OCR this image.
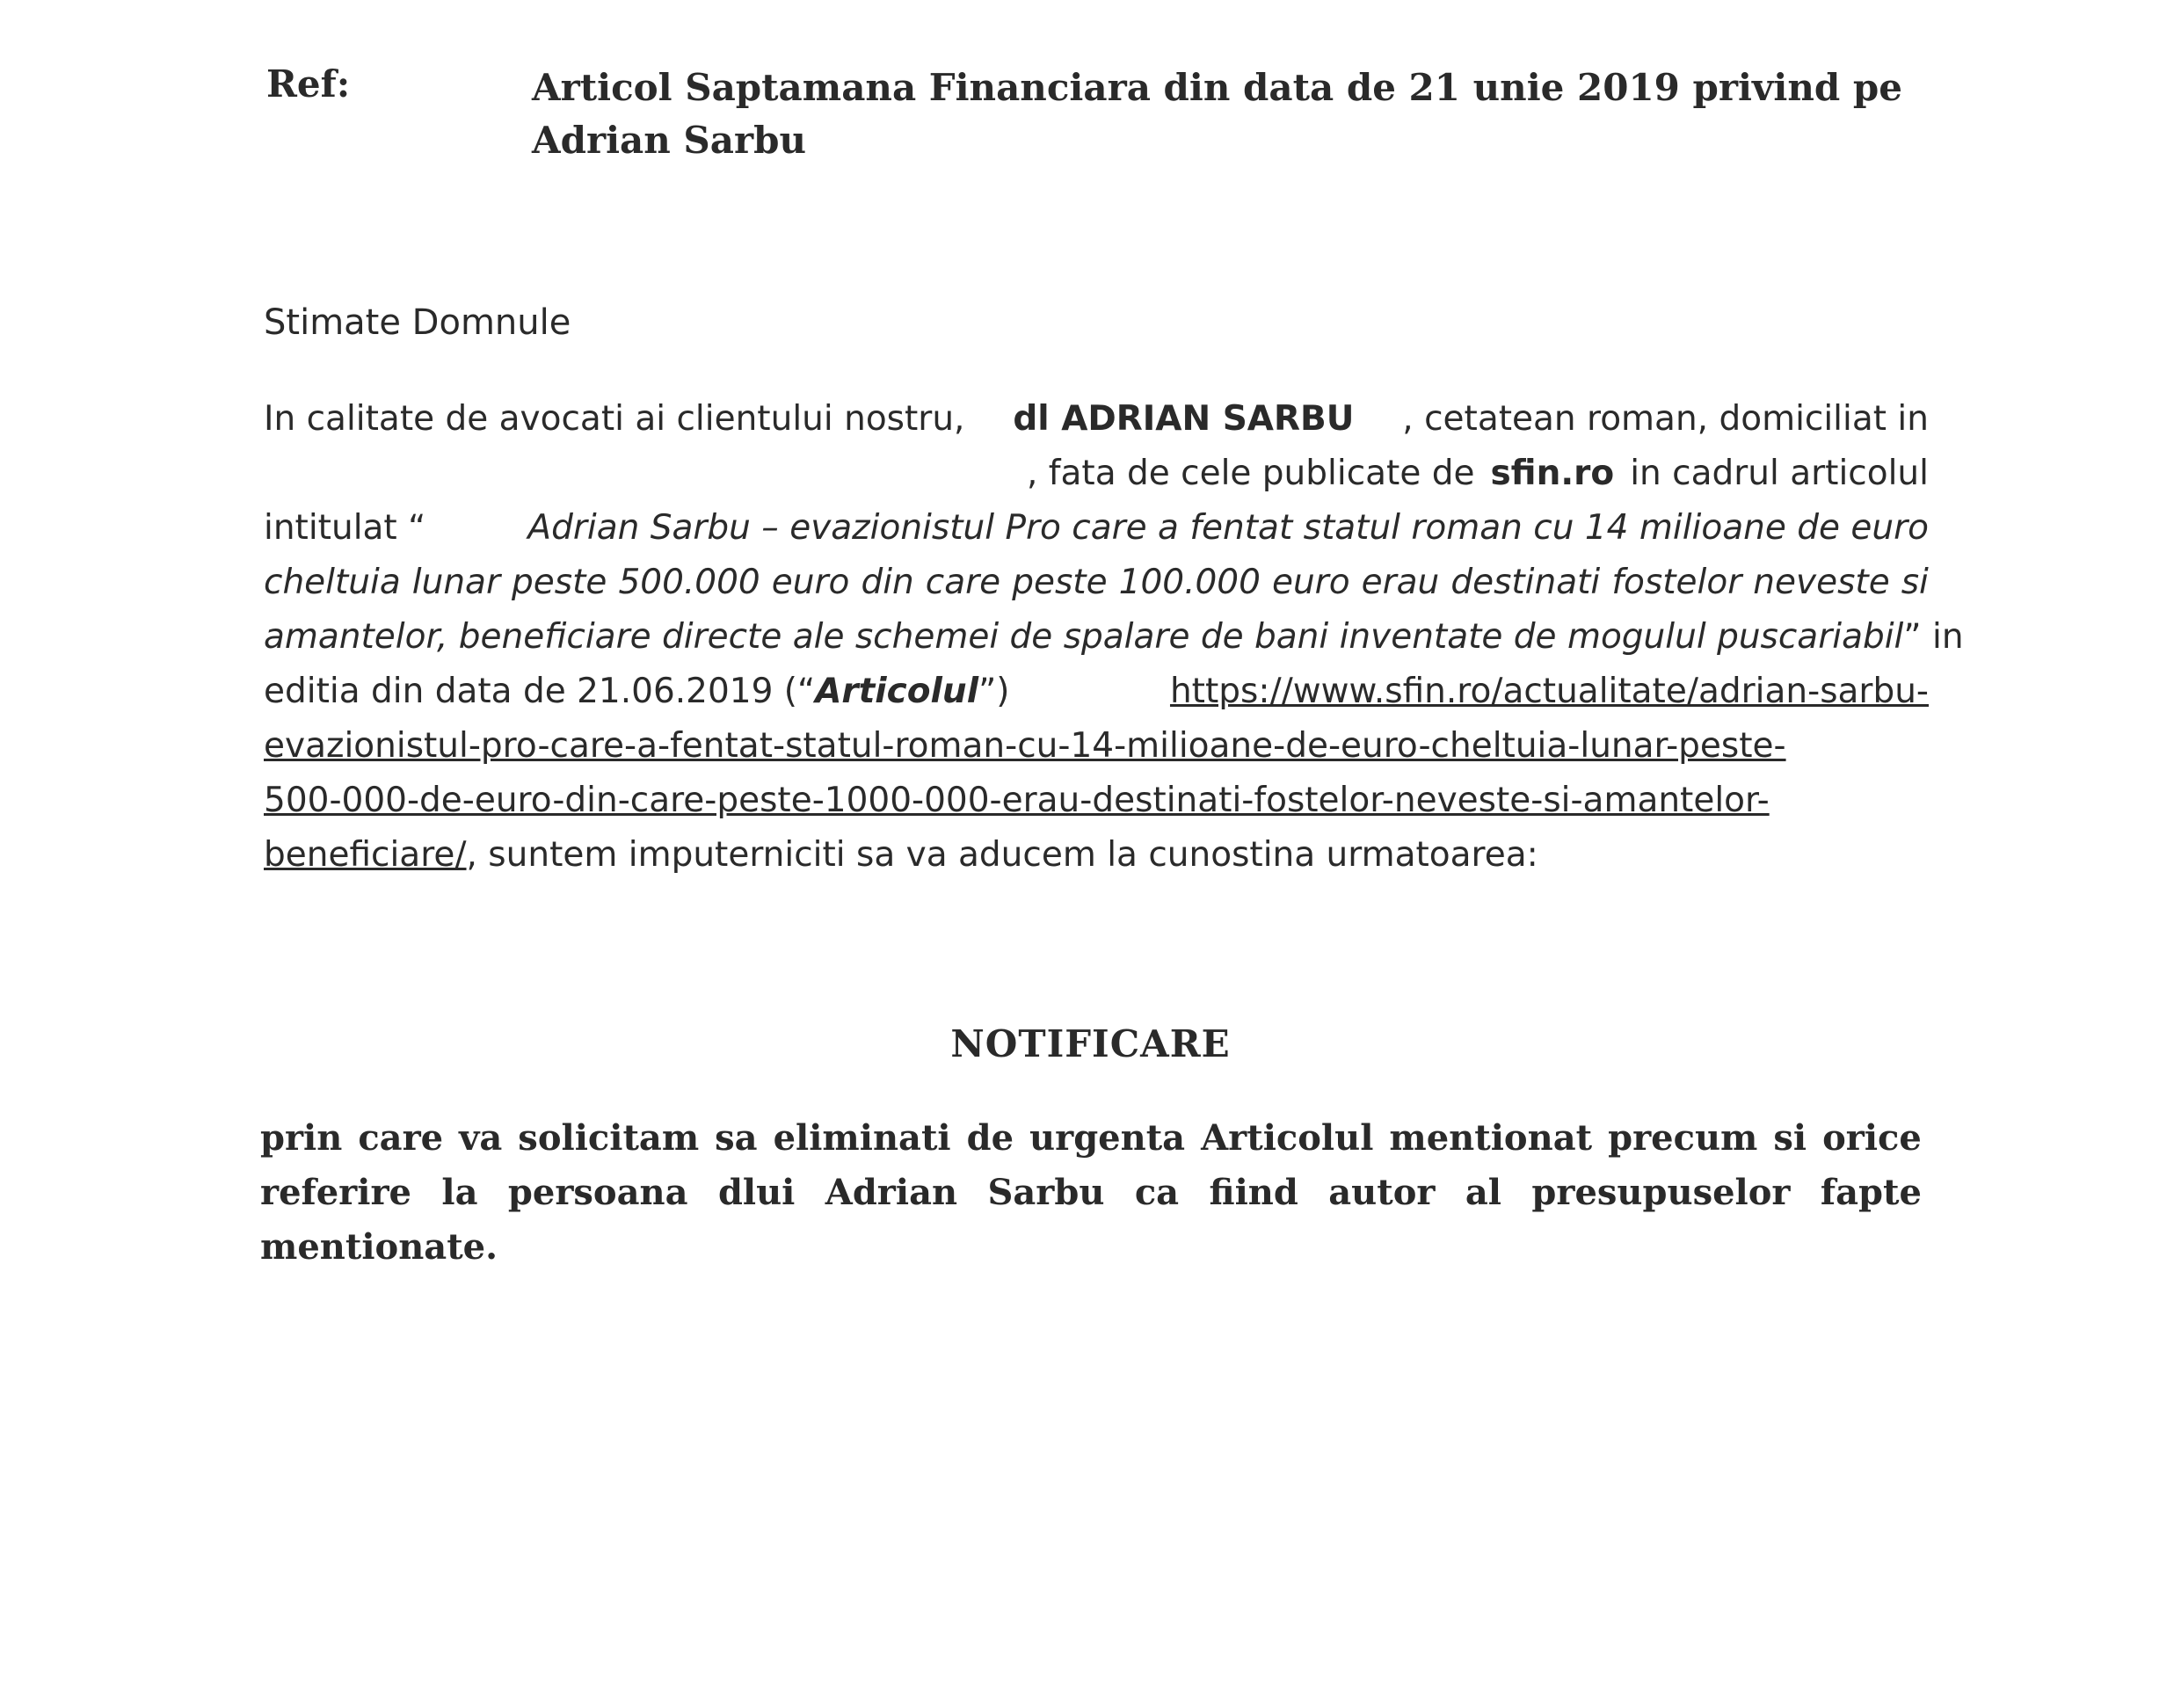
Ref:	Articol Saptamana Financiara din data de 21 unie 2019 privind pe
Adrian Sarbu
Stimate Domnule
In calitate de avocati ai clientului nostru, dl ADRIAN SARBU , cetatean roman, domiciliat in
, fata de cele publicate de sfin.ro in cadrul articolul
intitulat “	Adrian Sarbu – evazionistul Pro care a fentat statul roman cu 14 milioane de euro
cheltuia lunar peste 500.000 euro din care peste 100.000 euro erau destinati fostelor neveste si
amantelor, beneficiare directe ale schemei de spalare de bani inventate de mogulul puscariabil ” in
editia din data de 21.06.2019 (“Articolul”)	https://www.sfin.ro/actualitate/adrian-sarbu-
evazionistul-pro-care-a-fentat-statul-roman-cu-14-milioane-de-euro-cheltuia-lunar-peste-
500-000-de-euro-din-care-peste-1000-000-erau-destinati-fostelor-neveste-si-amantelor-
beneficiare/ , suntem imputerniciti sa va aducem la cunostina urmatoarea:
NOTIFICARE
prin care va solicitam sa eliminati de urgenta Articolul mentionat precum si orice
referire la persoana dlui Adrian Sarbu ca fiind autor al presupuselor fapte
mentionate.
